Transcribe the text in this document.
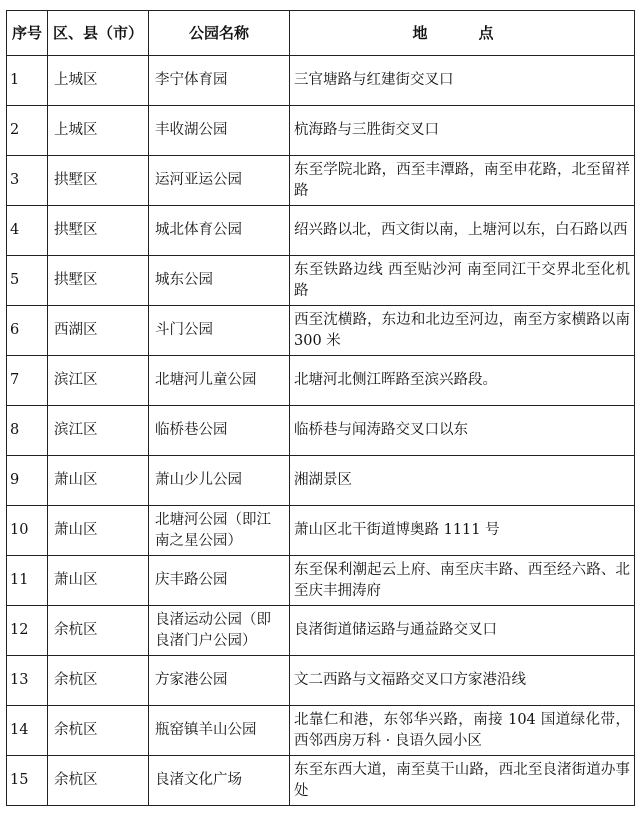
序号	区、县（市）	公园名称	地　点
1	上城区	李宁体育园	三官塘路与红建街交叉口
2	上城区	丰收湖公园	杭海路与三胜街交叉口
3	拱墅区	运河亚运公园	东至学院北路，西至丰潭路，南至申花路，北至留祥路
4	拱墅区	城北体育公园	绍兴路以北，西文街以南，上塘河以东，白石路以西
5	拱墅区	城东公园	东至铁路边线 西至贴沙河 南至同江干交界北至化机路
6	西湖区	斗门公园	西至沈横路，东边和北边至河边，南至方家横路以南 300 米
7	滨江区	北塘河儿童公园	北塘河北侧江晖路至滨兴路段。
8	滨江区	临桥巷公园	临桥巷与闻涛路交叉口以东
9	萧山区	萧山少儿公园	湘湖景区
10	萧山区	北塘河公园（即江南之星公园）	萧山区北干街道博奥路 1111 号
11	萧山区	庆丰路公园	东至保利潮起云上府、南至庆丰路、西至经六路、北至庆丰拥涛府
12	余杭区	良渚运动公园（即良渚门户公园）	良渚街道储运路与通益路交叉口
13	余杭区	方家港公园	文二西路与文福路交叉口方家港沿线
14	余杭区	瓶窑镇羊山公园	北靠仁和港，东邻华兴路，南接 104 国道绿化带，西邻西房万科 · 良语久园小区
15	余杭区	良渚文化广场	东至东西大道，南至莫干山路，西北至良渚街道办事处
